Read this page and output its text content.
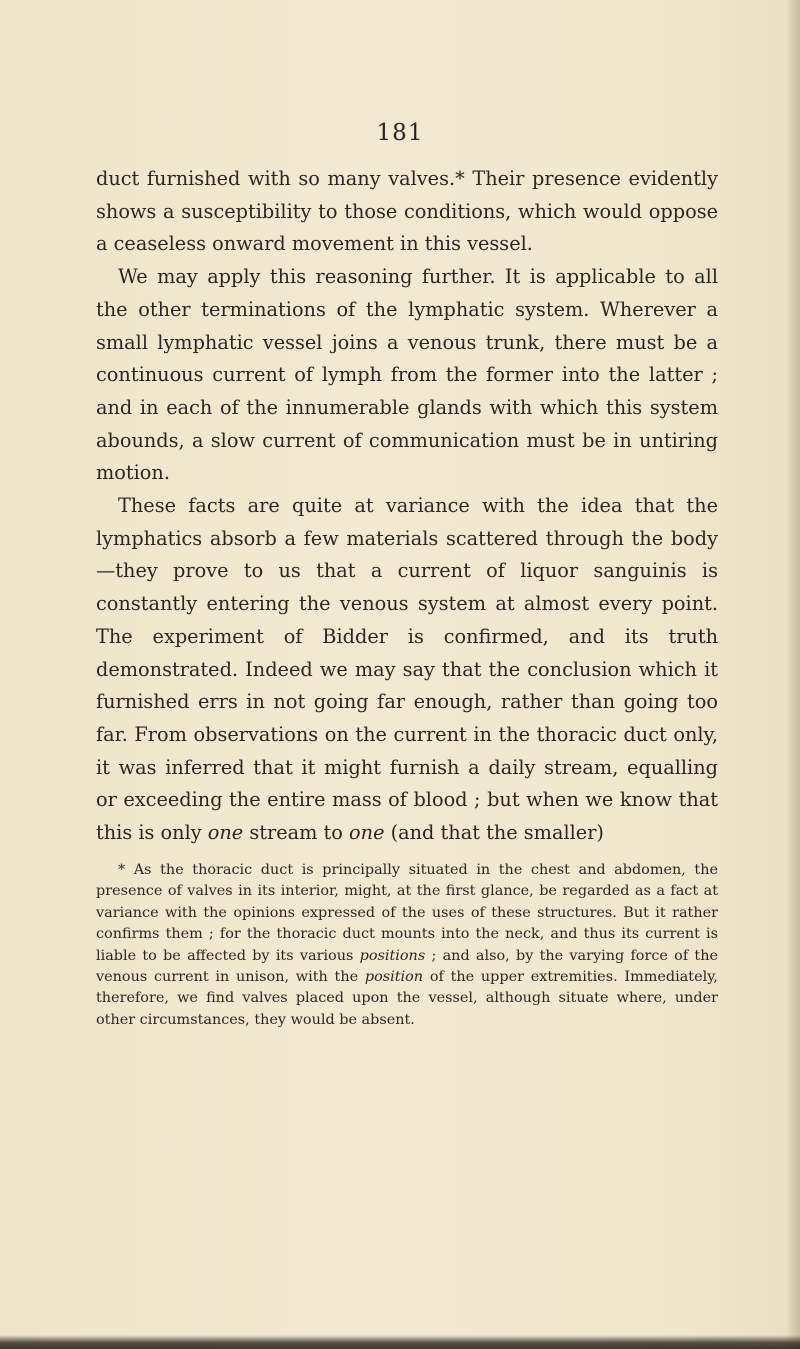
181

duct furnished with so many valves.* Their presence evidently shows a susceptibility to those conditions, which would oppose a ceaseless onward movement in this vessel.

We may apply this reasoning further. It is applicable to all the other terminations of the lymphatic system. Wherever a small lymphatic vessel joins a venous trunk, there must be a continuous current of lymph from the former into the latter ; and in each of the innumerable glands with which this system abounds, a slow current of communication must be in untiring motion.

These facts are quite at variance with the idea that the lymphatics absorb a few materials scattered through the body —they prove to us that a current of liquor sanguinis is constantly entering the venous system at almost every point. The experiment of Bidder is confirmed, and its truth demonstrated. Indeed we may say that the conclusion which it furnished errs in not going far enough, rather than going too far. From observations on the current in the thoracic duct only, it was inferred that it might furnish a daily stream, equalling or exceeding the entire mass of blood ; but when we know that this is only one stream to one (and that the smaller)

* As the thoracic duct is principally situated in the chest and abdomen, the presence of valves in its interior, might, at the first glance, be regarded as a fact at variance with the opinions expressed of the uses of these structures. But it rather confirms them ; for the thoracic duct mounts into the neck, and thus its current is liable to be affected by its various positions ; and also, by the varying force of the venous current in unison, with the position of the upper extremities. Immediately, therefore, we find valves placed upon the vessel, although situate where, under other circumstances, they would be absent.
